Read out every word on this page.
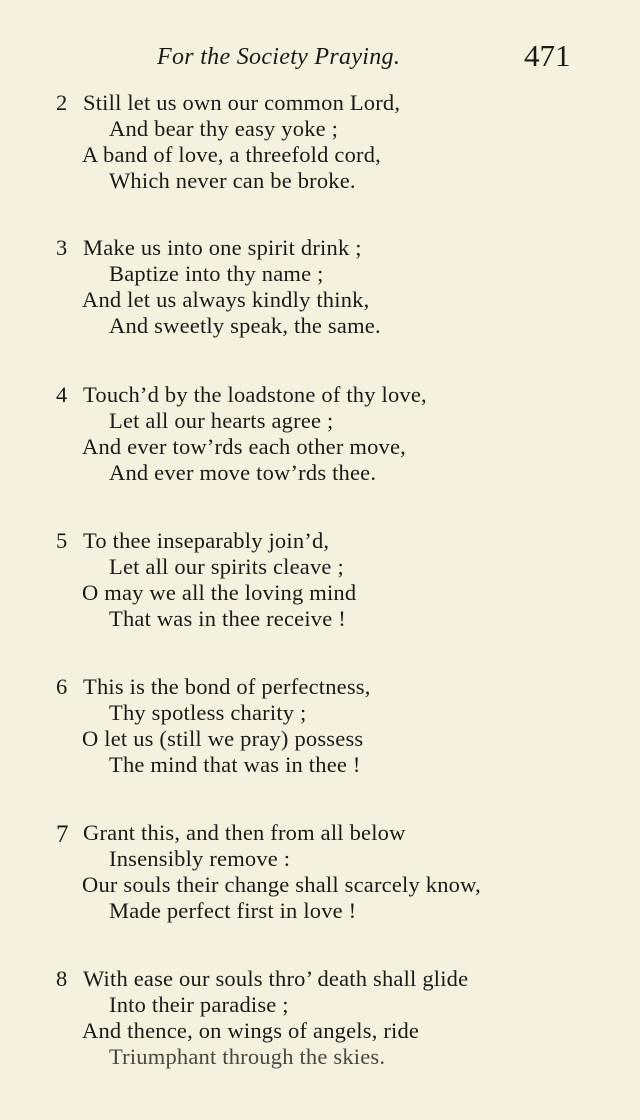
For the Society Praying.	471
2 Still let us own our common Lord,
And bear thy easy yoke ;
A band of love, a threefold cord,
Which never can be broke.
3 Make us into one spirit drink ;
Baptize into thy name ;
And let us always kindly think,
And sweetly speak, the same.
4 Touch’d by the loadstone of thy love,
Let all our hearts agree ;
And ever tow’rds each other move,
And ever move tow’rds thee.
5 To thee inseparably join’d,
Let all our spirits cleave ;
O may we all the loving mind
That was in thee receive !
6 This is the bond of perfectness,
Thy spotless charity ;
O let us (still we pray) possess
The mind that was in thee !
7 Grant this, and then from all below
Insensibly remove :
Our souls their change shall scarcely know,
Made perfect first in love !
8 With ease our souls thro’ death shall glide
Into their paradise ;
And thence, on wings of angels, ride
Triumphant through the skies.
